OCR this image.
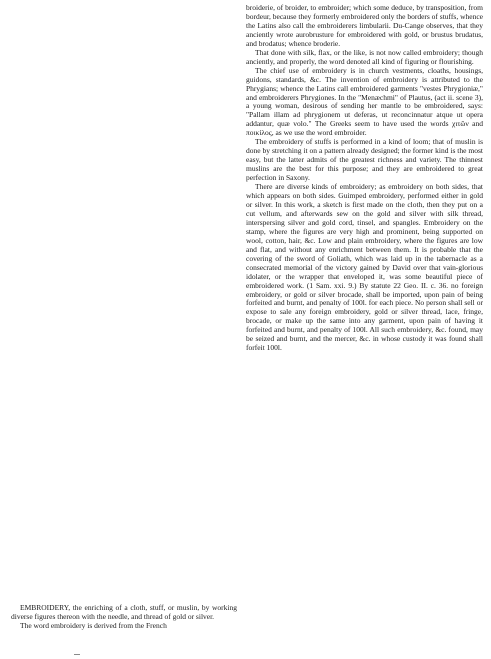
broiderie, of broider, to embroider; which some deduce, by transposition, from bordeur, because they formerly embroidered only the borders of stuffs, whence the Latins also call the embroiderers limbularii. Du-Cange observes, that they anciently wrote aurobrusture for embroidered with gold, or brustus brudatus, and brodatus; whence broderie.

That done with silk, flax, or the like, is not now called embroidery; though anciently, and properly, the word denoted all kind of figuring or flourishing.

The chief use of embroidery is in church vestments, cloaths, housings, guidons, standards, &c. The invention of embroidery is attributed to the Phrygians; whence the Latins call embroidered garments "vestes Phrygioniæ," and embroiderers Phrygiones. In the "Menæchmi" of Plautus, (act ii. scene 3), a young woman, desirous of sending her mantle to be embroidered, says: "Pallam illam ad phrygionem ut deferas, ut reconcinnatur atque ut opera addantur, quæ volo." The Greeks seem to have used the words χιτῶν and ποικίλος, as we use the word embroider.

The embroidery of stuffs is performed in a kind of loom; that of muslin is done by stretching it on a pattern already designed; the former kind is the most easy, but the latter admits of the greatest richness and variety. The thinnest muslins are the best for this purpose; and they are embroidered to great perfection in Saxony.

There are diverse kinds of embroidery; as embroidery on both sides, that which appears on both sides. Guimped embroidery, performed either in gold or silver. In this work, a sketch is first made on the cloth, then they put on a cut vellum, and afterwards sew on the gold and silver with silk thread, interspersing silver and gold cord, tinsel, and spangles. Embroidery on the stamp, where the figures are very high and prominent, being supported on wool, cotton, hair, &c. Low and plain embroidery, where the figures are low and flat, and without any enrichment between them. It is probable that the covering of the sword of Goliath, which was laid up in the tabernacle as a consecrated memorial of the victory gained by David over that vain-glorious idolater, or the wrapper that enveloped it, was some beautiful piece of embroidered work. (1 Sam. xxi. 9.) By statute 22 Geo. II. c. 36. no foreign embroidery, or gold or silver brocade, shall be imported, upon pain of being forfeited and burnt, and penalty of 100l. for each piece. No person shall sell or expose to sale any foreign embroidery, gold or silver thread, lace, fringe, brocade, or make up the same into any garment, upon pain of having it forfeited and burnt, and penalty of 100l. All such embroidery, &c. found, may be seized and burnt, and the mercer, &c. in whose custody it was found shall forfeit 100l.

EMBROIDERY, the enriching of a cloth, stuff, or muslin, by working diverse figures thereon with the needle, and thread of gold or silver.

The word embroidery is derived from the French
